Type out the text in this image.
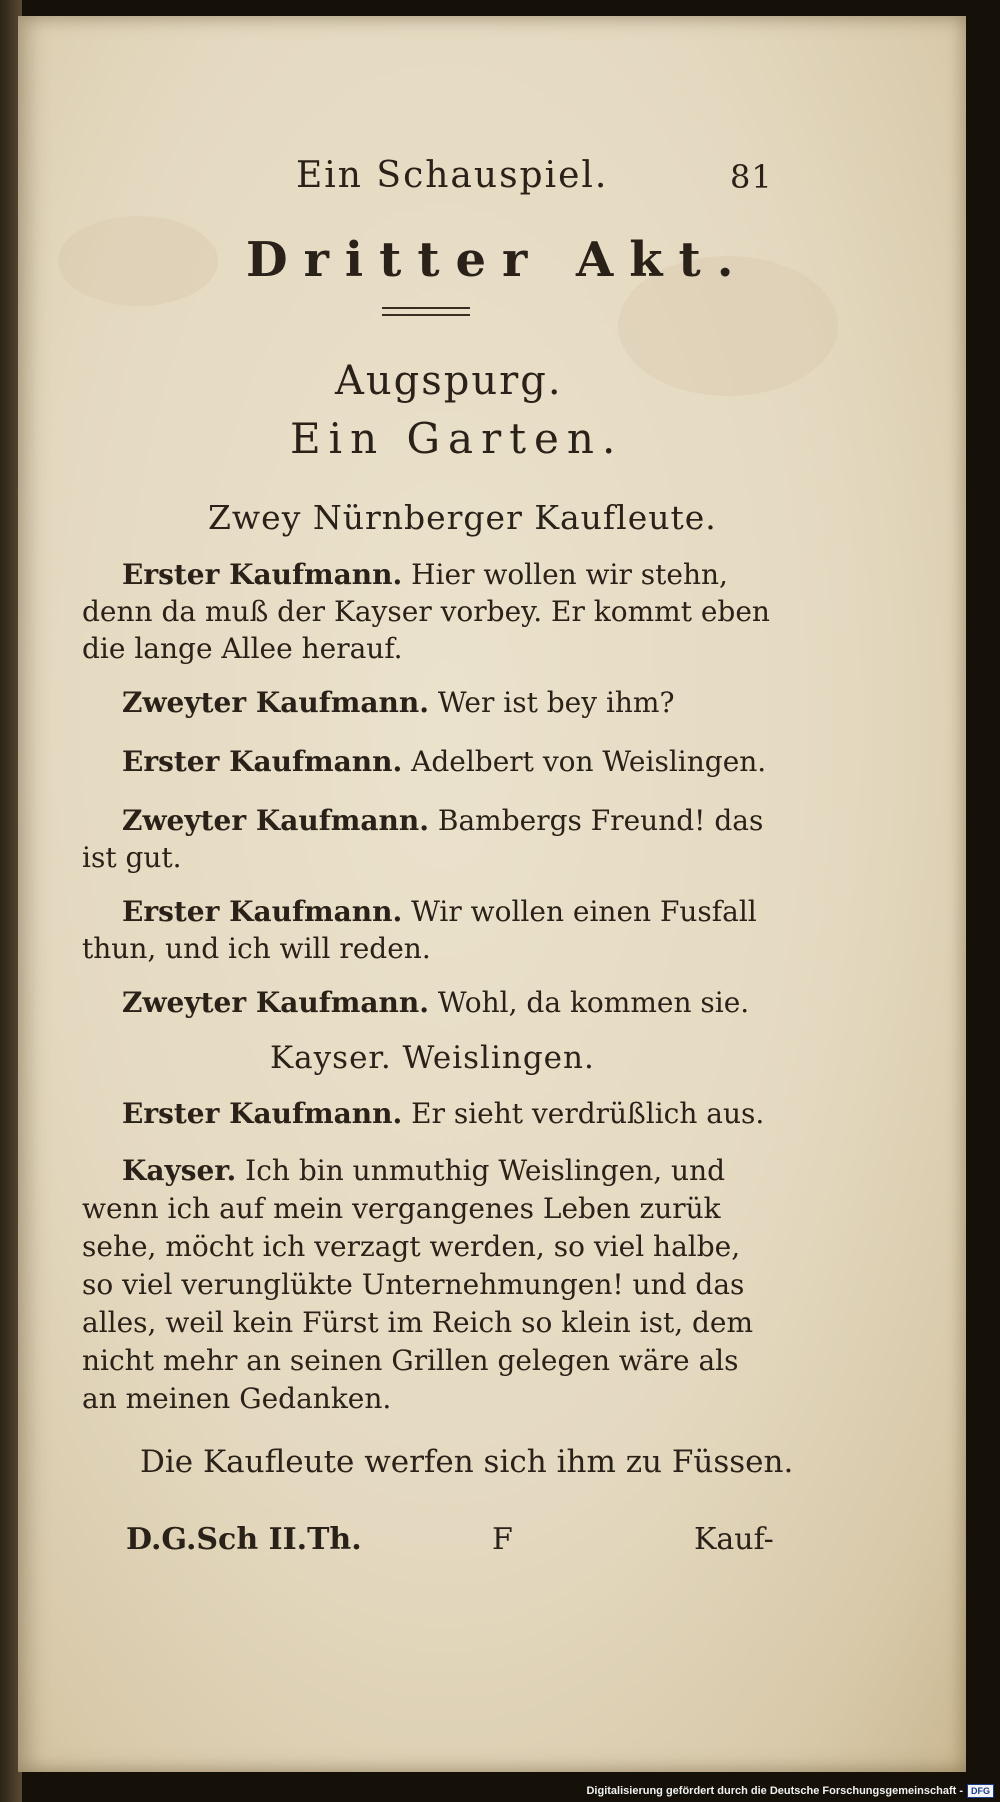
Ein Schauspiel.	81
Dritter Akt.
Augspurg.
Ein Garten.
Zwey Nürnberger Kaufleute.
Erster Kaufmann. Hier wollen wir stehn, denn da muß der Kayser vorbey. Er kommt eben die lange Allee herauf.
Zweyter Kaufmann. Wer ist bey ihm?
Erster Kaufmann. Adelbert von Weislingen.
Zweyter Kaufmann. Bambergs Freund! das ist gut.
Erster Kaufmann. Wir wollen einen Fusfall thun, und ich will reden.
Zweyter Kaufmann. Wohl, da kommen sie.
Kayser. Weislingen.
Erster Kaufmann. Er sieht verdrüßlich aus.
Kayser. Ich bin unmuthig Weislingen, und wenn ich auf mein vergangenes Leben zurük sehe, möcht ich verzagt werden, so viel halbe, so viel verunglükte Unternehmungen! und das alles, weil kein Fürst im Reich so klein ist, dem nicht mehr an seinen Grillen gelegen wäre als an meinen Gedanken.
Die Kaufleute werfen sich ihm zu Füssen.
D.G.Sch II.Th.	F	Kauf-
Digitalisierung gefördert durch die Deutsche Forschungsgemeinschaft - DFG
